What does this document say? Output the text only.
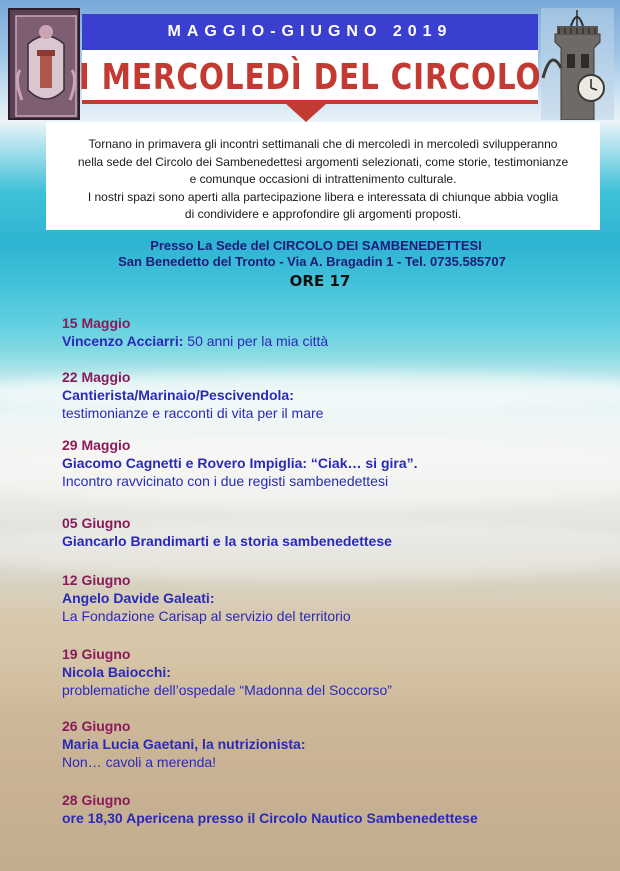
MAGGIO-GIUGNO 2019
I MERCOLEDÌ DEL CIRCOLO
Tornano in primavera gli incontri settimanali che di mercoledì in mercoledì svilupperanno
nella sede del Circolo dei Sambenedettesi argomenti selezionati, come storie, testimonianze
e comunque occasioni di intrattenimento culturale.
I nostri spazi sono aperti alla partecipazione libera e interessata di chiunque abbia voglia
di condividere e approfondire gli argomenti proposti.
Presso La Sede del CIRCOLO DEI SAMBENEDETTESI
San Benedetto del Tronto - Via A. Bragadin 1 - Tel. 0735.585707
ORE 17
15 Maggio
Vincenzo Acciarri: 50 anni per la mia città
22 Maggio
Cantierista/Marinaio/Pescivendola:
testimonianze e racconti di vita per il mare
29 Maggio
Giacomo Cagnetti e Rovero Impiglia: “Ciak… si gira”.
Incontro ravvicinato con i due registi sambenedettesi
05 Giugno
Giancarlo Brandimarti e la storia sambenedettese
12 Giugno
Angelo Davide Galeati:
La Fondazione Carisap al servizio del territorio
19 Giugno
Nicola Baiocchi:
problematiche dell’ospedale “Madonna del Soccorso”
26 Giugno
Maria Lucia Gaetani, la nutrizionista:
Non… cavoli a merenda!
28 Giugno
ore 18,30 Apericena presso il Circolo Nautico Sambenedettese
